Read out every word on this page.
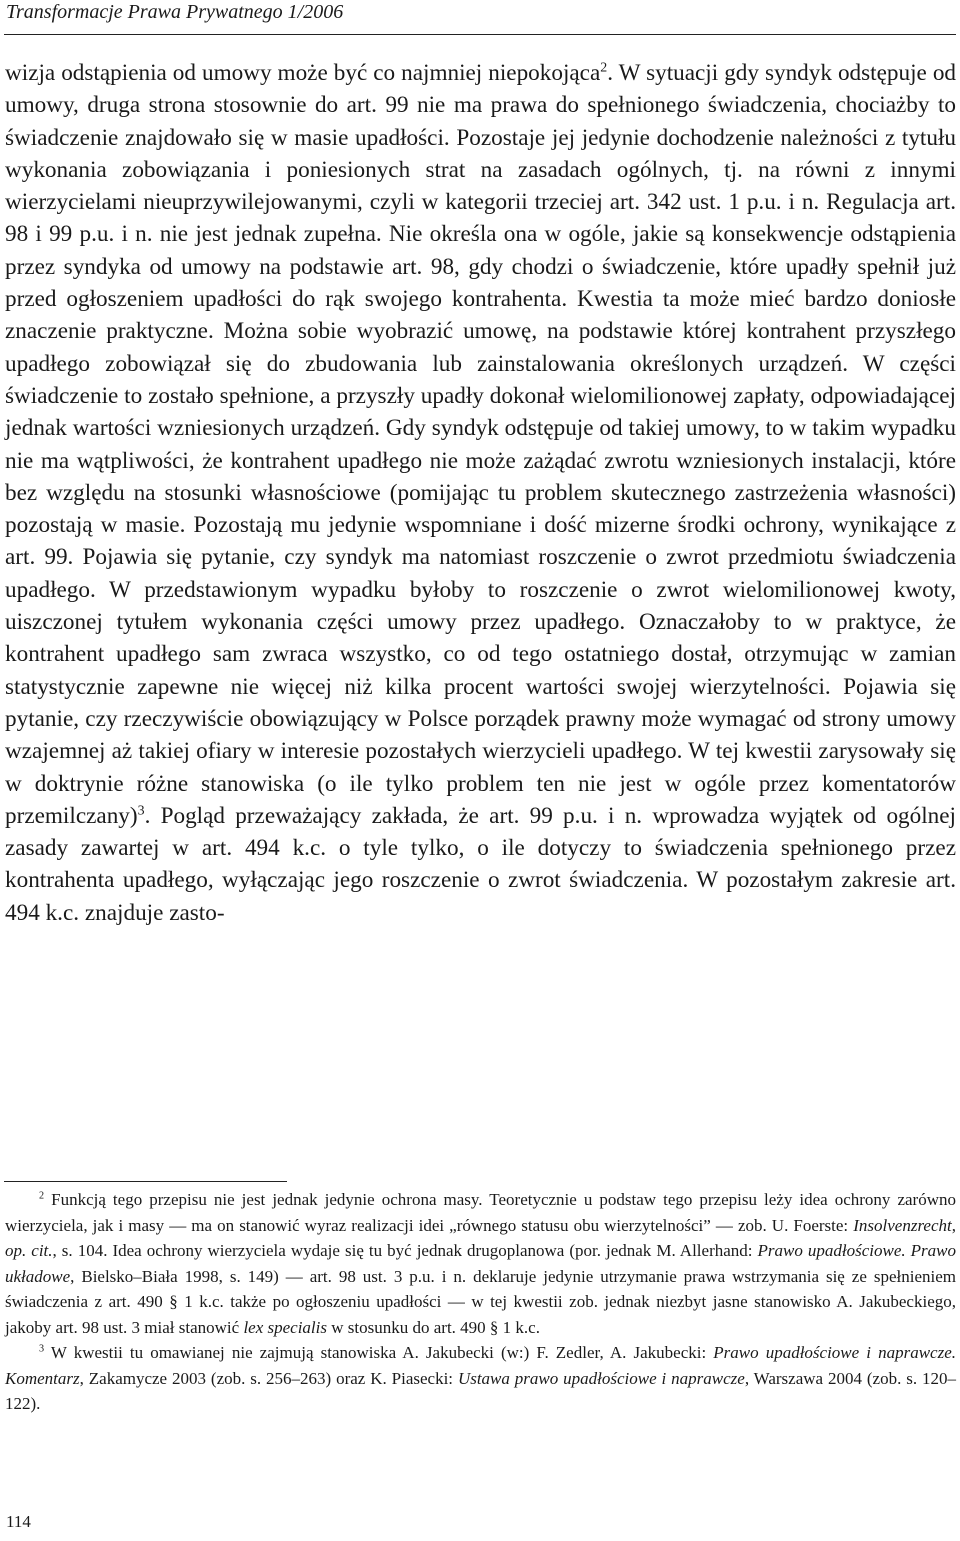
Transformacje Prawa Prywatnego 1/2006

wizja odstąpienia od umowy może być co najmniej niepokojąca$^2$. W sytuacji gdy syndyk odstępuje od umowy, druga strona stosownie do art. 99 nie ma prawa do spełnionego świadczenia, chociażby to świadczenie znajdowało się w masie upadłości. Pozostaje jej jedynie dochodzenie należności z tytułu wykonania zobowiązania i poniesionych strat na zasadach ogólnych, tj. na równi z innymi wierzycielami nieuprzywilejowanymi, czyli w kategorii trzeciej art. 342 ust. 1 p.u. i n. Regulacja art. 98 i 99 p.u. i n. nie jest jednak zupełna. Nie określa ona w ogóle, jakie są konsekwencje odstąpienia przez syndyka od umowy na podstawie art. 98, gdy chodzi o świadczenie, które upadły spełnił już przed ogłoszeniem upadłości do rąk swojego kontrahenta. Kwestia ta może mieć bardzo doniosłe znaczenie praktyczne. Można sobie wyobrazić umowę, na podstawie której kontrahent przyszłego upadłego zobowiązał się do zbudowania lub zainstalowania określonych urządzeń. W części świadczenie to zostało spełnione, a przyszły upadły dokonał wielomilionowej zapłaty, odpowiadającej jednak wartości wzniesionych urządzeń. Gdy syndyk odstępuje od takiej umowy, to w takim wypadku nie ma wątpliwości, że kontrahent upadłego nie może zażądać zwrotu wzniesionych instalacji, które bez względu na stosunki własnościowe (pomijając tu problem skutecznego zastrzeżenia własności) pozostają w masie. Pozostają mu jedynie wspomniane i dość mizerne środki ochrony, wynikające z art. 99. Pojawia się pytanie, czy syndyk ma natomiast roszczenie o zwrot przedmiotu świadczenia upadłego. W przedstawionym wypadku byłoby to roszczenie o zwrot wielomilionowej kwoty, uiszczonej tytułem wykonania części umowy przez upadłego. Oznaczałoby to w praktyce, że kontrahent upadłego sam zwraca wszystko, co od tego ostatniego dostał, otrzymując w zamian statystycznie zapewne nie więcej niż kilka procent wartości swojej wierzytelności. Pojawia się pytanie, czy rzeczywiście obowiązujący w Polsce porządek prawny może wymagać od strony umowy wzajemnej aż takiej ofiary w interesie pozostałych wierzycieli upadłego. W tej kwestii zarysowały się w doktrynie różne stanowiska (o ile tylko problem ten nie jest w ogóle przez komentatorów przemilczany)$^3$. Pogląd przeważający zakłada, że art. 99 p.u. i n. wprowadza wyjątek od ogólnej zasady zawartej w art. 494 k.c. o tyle tylko, o ile dotyczy to świadczenia spełnionego przez kontrahenta upadłego, wyłączając jego roszczenie o zwrot świadczenia. W pozostałym zakresie art. 494 k.c. znajduje zasto-

$^2$ Funkcją tego przepisu nie jest jednak jedynie ochrona masy. Teoretycznie u podstaw tego przepisu leży idea ochrony zarówno wierzyciela, jak i masy — ma on stanowić wyraz realizacji idei „równego statusu obu wierzytelności” — zob. U. Foerste: Insolvenzrecht, op. cit., s. 104. Idea ochrony wierzyciela wydaje się tu być jednak drugoplanowa (por. jednak M. Allerhand: Prawo upadłościowe. Prawo układowe, Bielsko–Biała 1998, s. 149) — art. 98 ust. 3 p.u. i n. deklaruje jedynie utrzymanie prawa wstrzymania się ze spełnieniem świadczenia z art. 490 § 1 k.c. także po ogłoszeniu upadłości — w tej kwestii zob. jednak niezbyt jasne stanowisko A. Jakubeckiego, jakoby art. 98 ust. 3 miał stanowić lex specialis w stosunku do art. 490 § 1 k.c.

$^3$ W kwestii tu omawianej nie zajmują stanowiska A. Jakubecki (w:) F. Zedler, A. Jakubecki: Prawo upadłościowe i naprawcze. Komentarz, Zakamycze 2003 (zob. s. 256–263) oraz K. Piasecki: Ustawa prawo upadłościowe i naprawcze, Warszawa 2004 (zob. s. 120–122).

114
